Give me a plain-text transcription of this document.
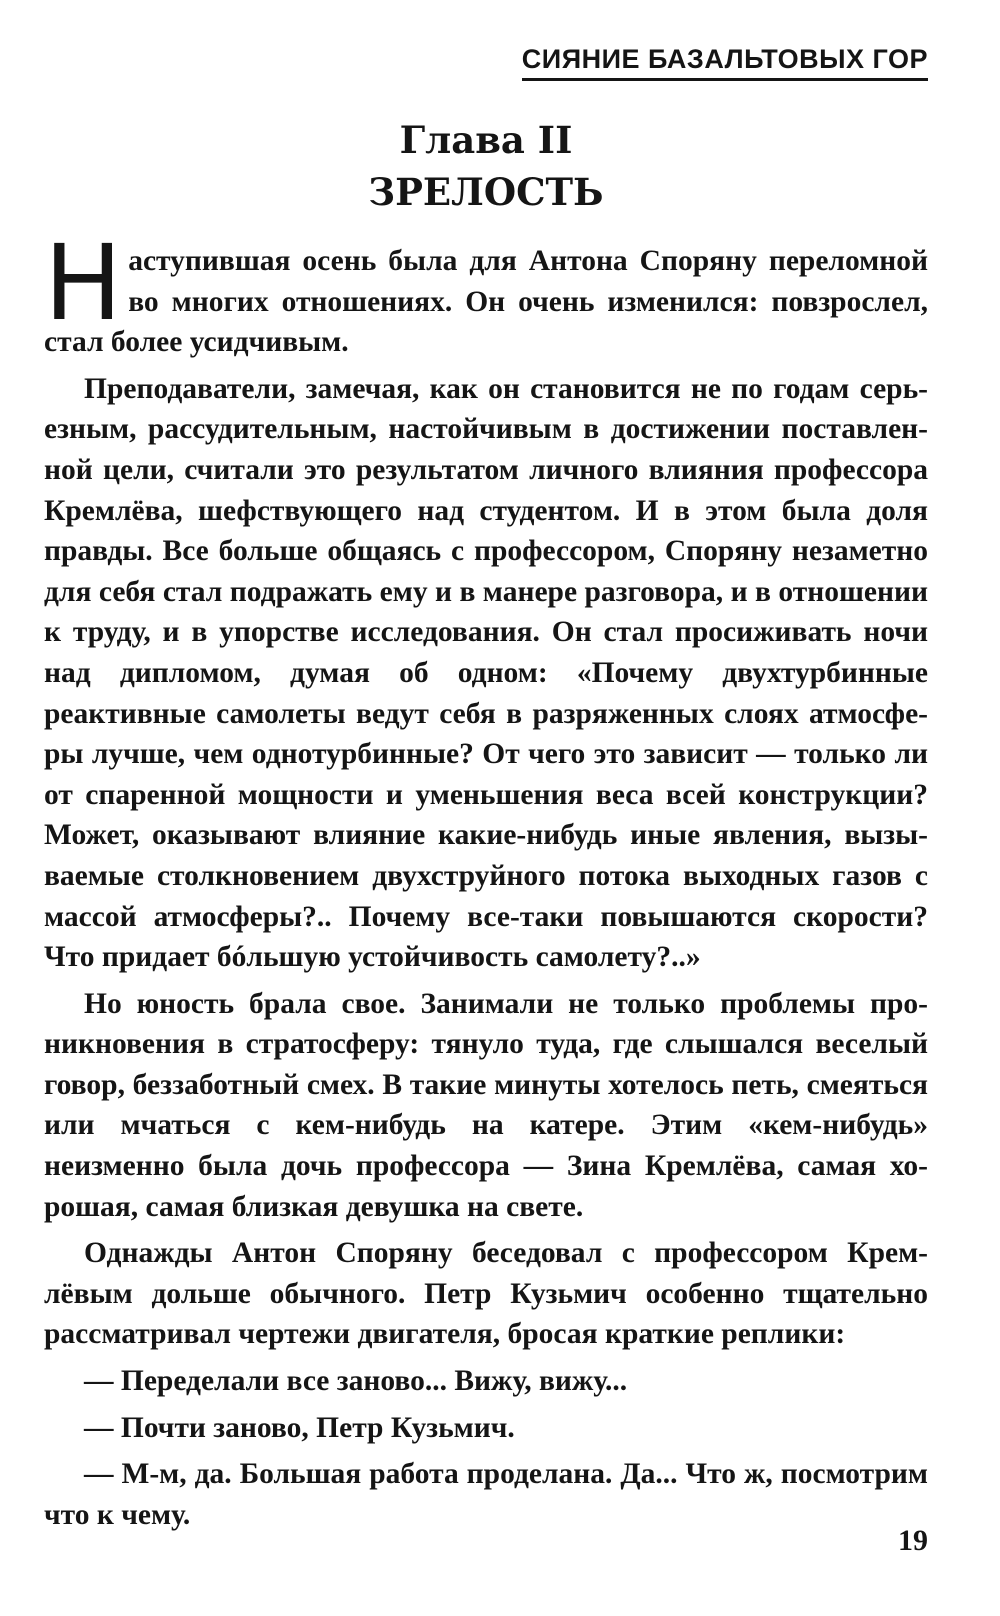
СИЯНИЕ БАЗАЛЬТОВЫХ ГОР
Глава II
ЗРЕЛОСТЬ

Наступившая осень была для Антона Споряну переломной во многих отношениях. Он очень изменился: повзрослел, стал более усидчивым.

Преподаватели, замечая, как он становится не по годам серьезным, рассудительным, настойчивым в достижении поставленной цели, считали это результатом личного влияния профессора Кремлёва, шефствующего над студентом. И в этом была доля правды. Все больше общаясь с профессором, Споряну незаметно для себя стал подражать ему и в манере разговора, и в отношении к труду, и в упорстве исследования. Он стал просиживать ночи над дипломом, думая об одном: «Почему двухтурбинные реактивные самолеты ведут себя в разряженных слоях атмосферы лучше, чем однотурбинные? От чего это зависит — только ли от спаренной мощности и уменьшения веса всей конструкции? Может, оказывают влияние какие-нибудь иные явления, вызываемые столкновением двухструйного потока выходных газов с массой атмосферы?.. Почему все-таки повышаются скорости? Что придает бóльшую устойчивость самолету?..»

Но юность брала свое. Занимали не только проблемы проникновения в стратосферу: тянуло туда, где слышался веселый говор, беззаботный смех. В такие минуты хотелось петь, смеяться или мчаться с кем-нибудь на катере. Этим «кем-нибудь» неизменно была дочь профессора — Зина Кремлёва, самая хорошая, самая близкая девушка на свете.

Однажды Антон Споряну беседовал с профессором Кремлёвым дольше обычного. Петр Кузьмич особенно тщательно рассматривал чертежи двигателя, бросая краткие реплики:

— Переделали все заново... Вижу, вижу...

— Почти заново, Петр Кузьмич.

— М-м, да. Большая работа проделана. Да... Что ж, посмотрим что к чему.

19
